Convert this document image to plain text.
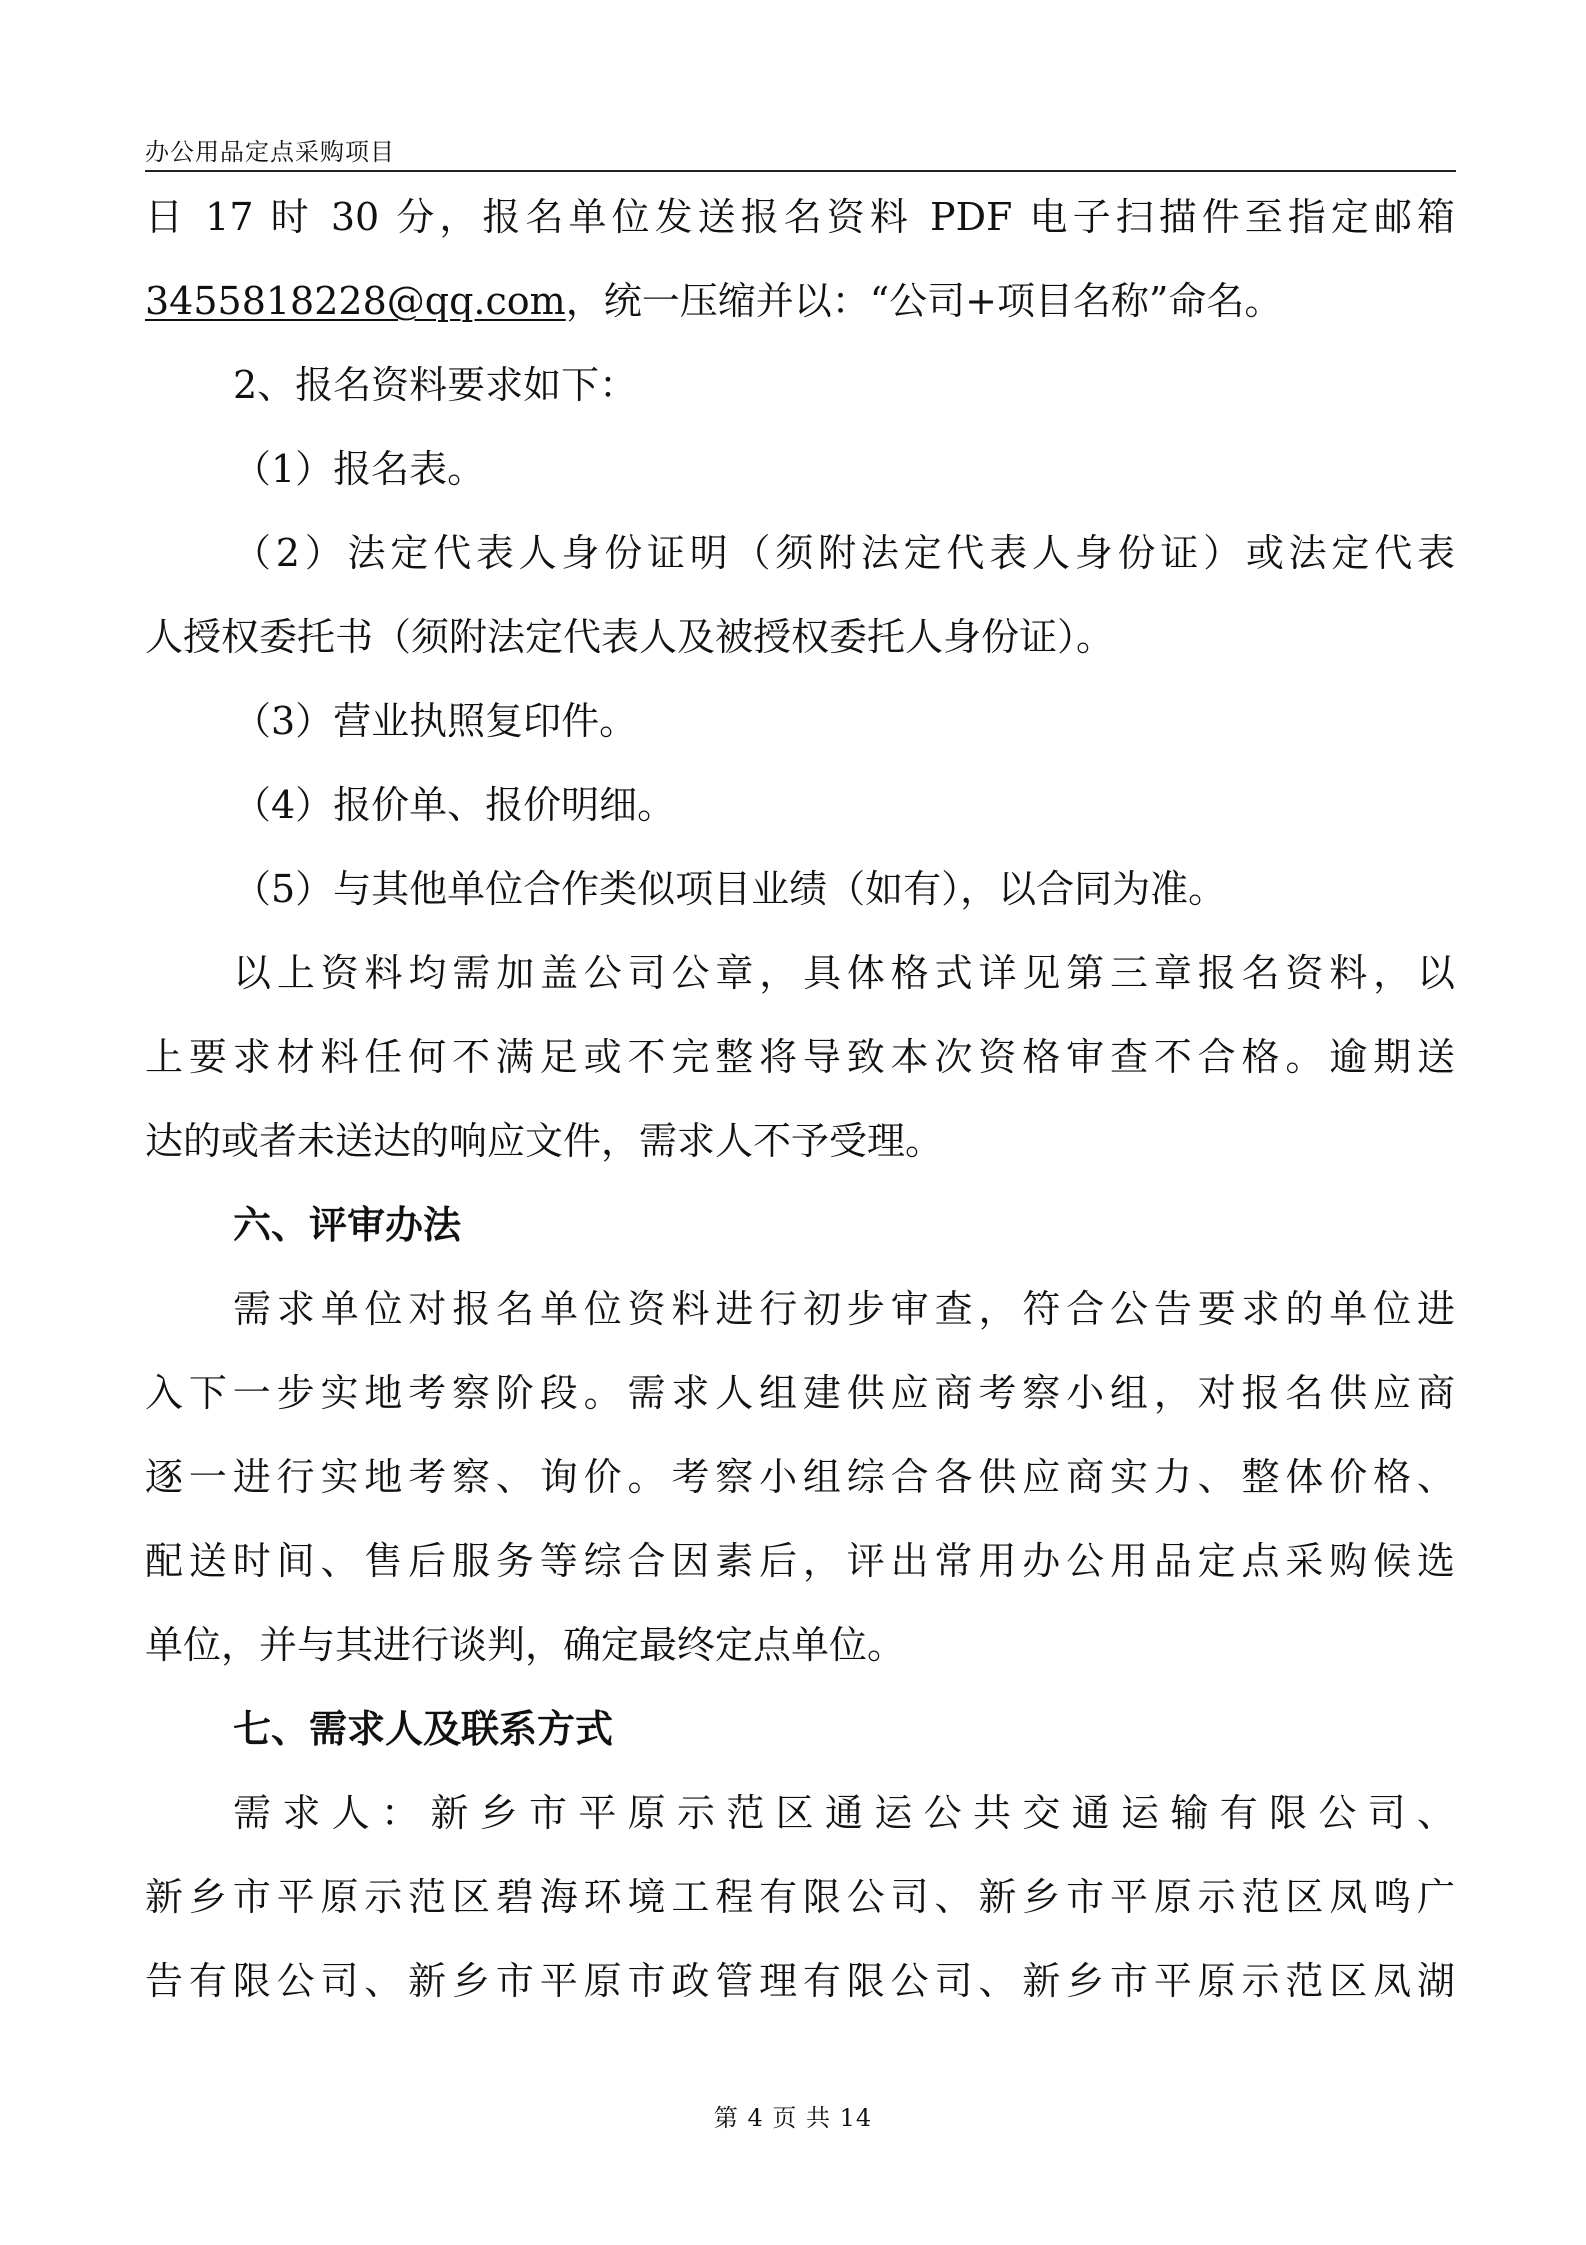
办公用品定点采购项目
日 17 时 30 分，报名单位发送报名资料 PDF 电子扫描件至指定邮箱
3455818228@qq.com，统一压缩并以：“公司+项目名称”命名。
2、报名资料要求如下：
（1）报名表。
（2）法定代表人身份证明（须附法定代表人身份证）或法定代表
人授权委托书（须附法定代表人及被授权委托人身份证）。
（3）营业执照复印件。
（4）报价单、报价明细。
（5）与其他单位合作类似项目业绩（如有），以合同为准。
以上资料均需加盖公司公章，具体格式详见第三章报名资料，以
上要求材料任何不满足或不完整将导致本次资格审查不合格。逾期送
达的或者未送达的响应文件，需求人不予受理。
六、评审办法
需求单位对报名单位资料进行初步审查，符合公告要求的单位进
入下一步实地考察阶段。需求人组建供应商考察小组，对报名供应商
逐一进行实地考察、询价。考察小组综合各供应商实力、整体价格、
配送时间、售后服务等综合因素后，评出常用办公用品定点采购候选
单位，并与其进行谈判，确定最终定点单位。
七、需求人及联系方式
需求人：新乡市平原示范区通运公共交通运输有限公司、
新乡市平原示范区碧海环境工程有限公司、新乡市平原示范区凤鸣广
告有限公司、新乡市平原市政管理有限公司、新乡市平原示范区凤湖
第 4 页 共 14
